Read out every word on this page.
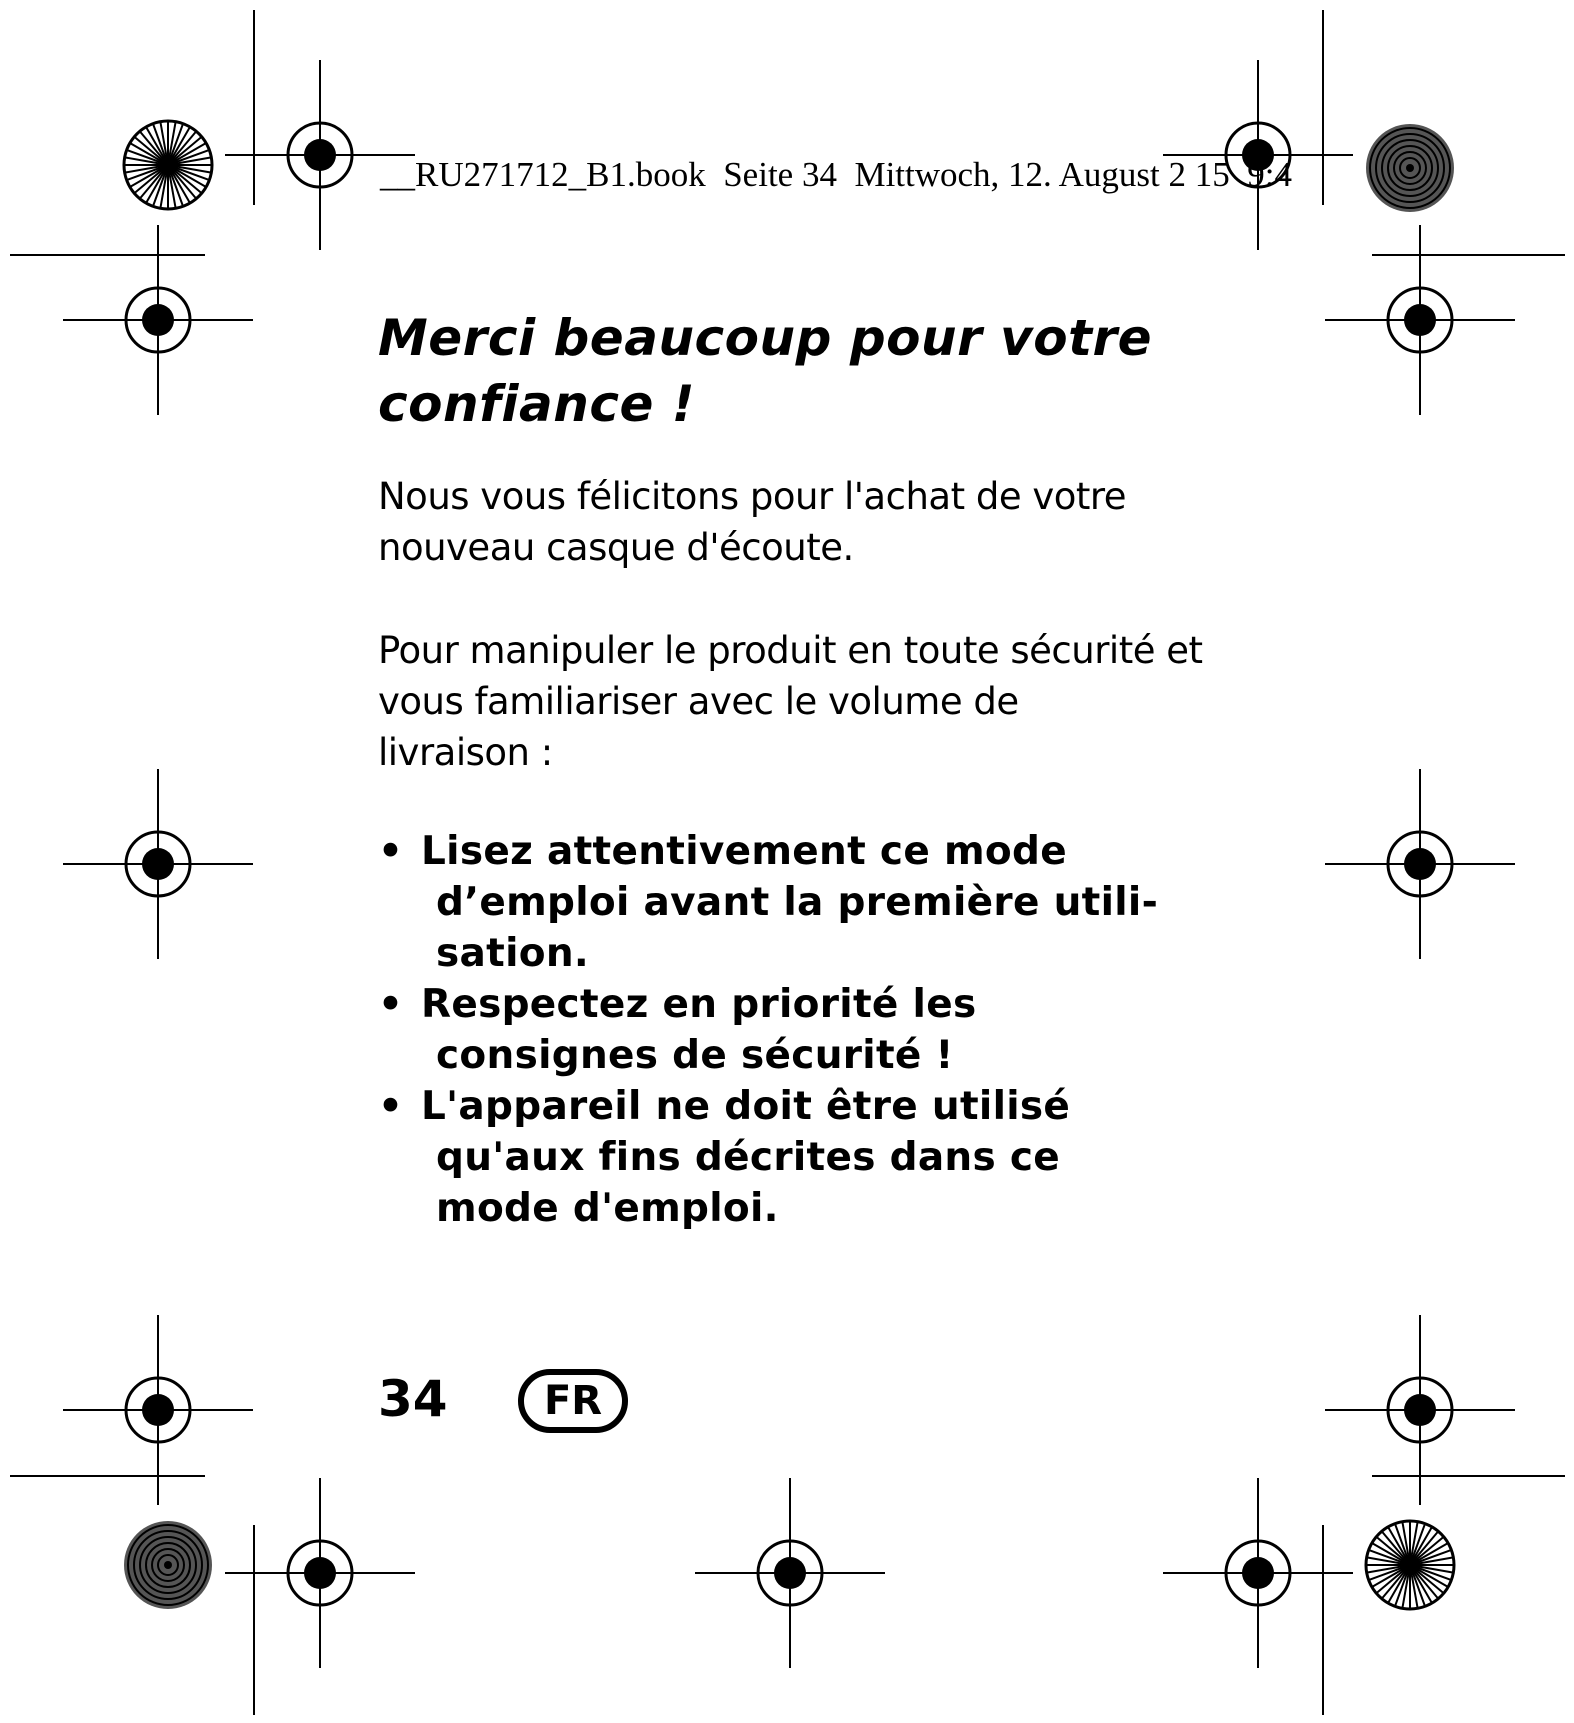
__RU271712_B1.book  Seite 34  Mittwoch, 12. August 2 15  9:4
Merci beaucoup pour votre
confiance !

Nous vous félicitons pour l'achat de votre
nouveau casque d'écoute.

Pour manipuler le produit en toute sécurité et
vous familiariser avec le volume de
livraison :

• Lisez attentivement ce mode
d’emploi avant la première utili-
sation.
• Respectez en priorité les
consignes de sécurité !
• L'appareil ne doit être utilisé
qu'aux fins décrites dans ce
mode d'emploi.
34	FR
